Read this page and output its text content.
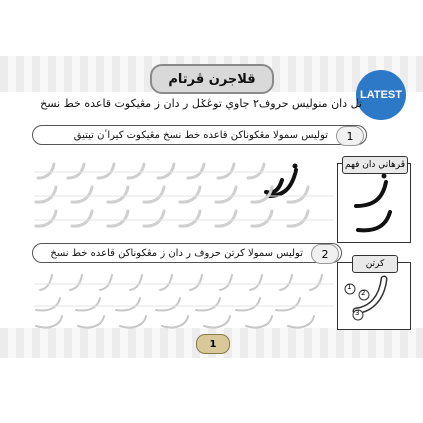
قلاجرن ڤرتام
LATEST
تل دان منوليس حروف٢ جاوي توڠݢل ر دان ز مڠيكوت قاعده خط نسخ
1
توليس سمولا مڠكوناكن قاعده خط نسخ مڠيكوت كيراٴن تيتيق
ڤرهاتي دان فهم
2
توليس سمولا كرتن حروف ر دان ز مڠكوناكن قاعده خط نسخ
كرتن
1
2
3
1
